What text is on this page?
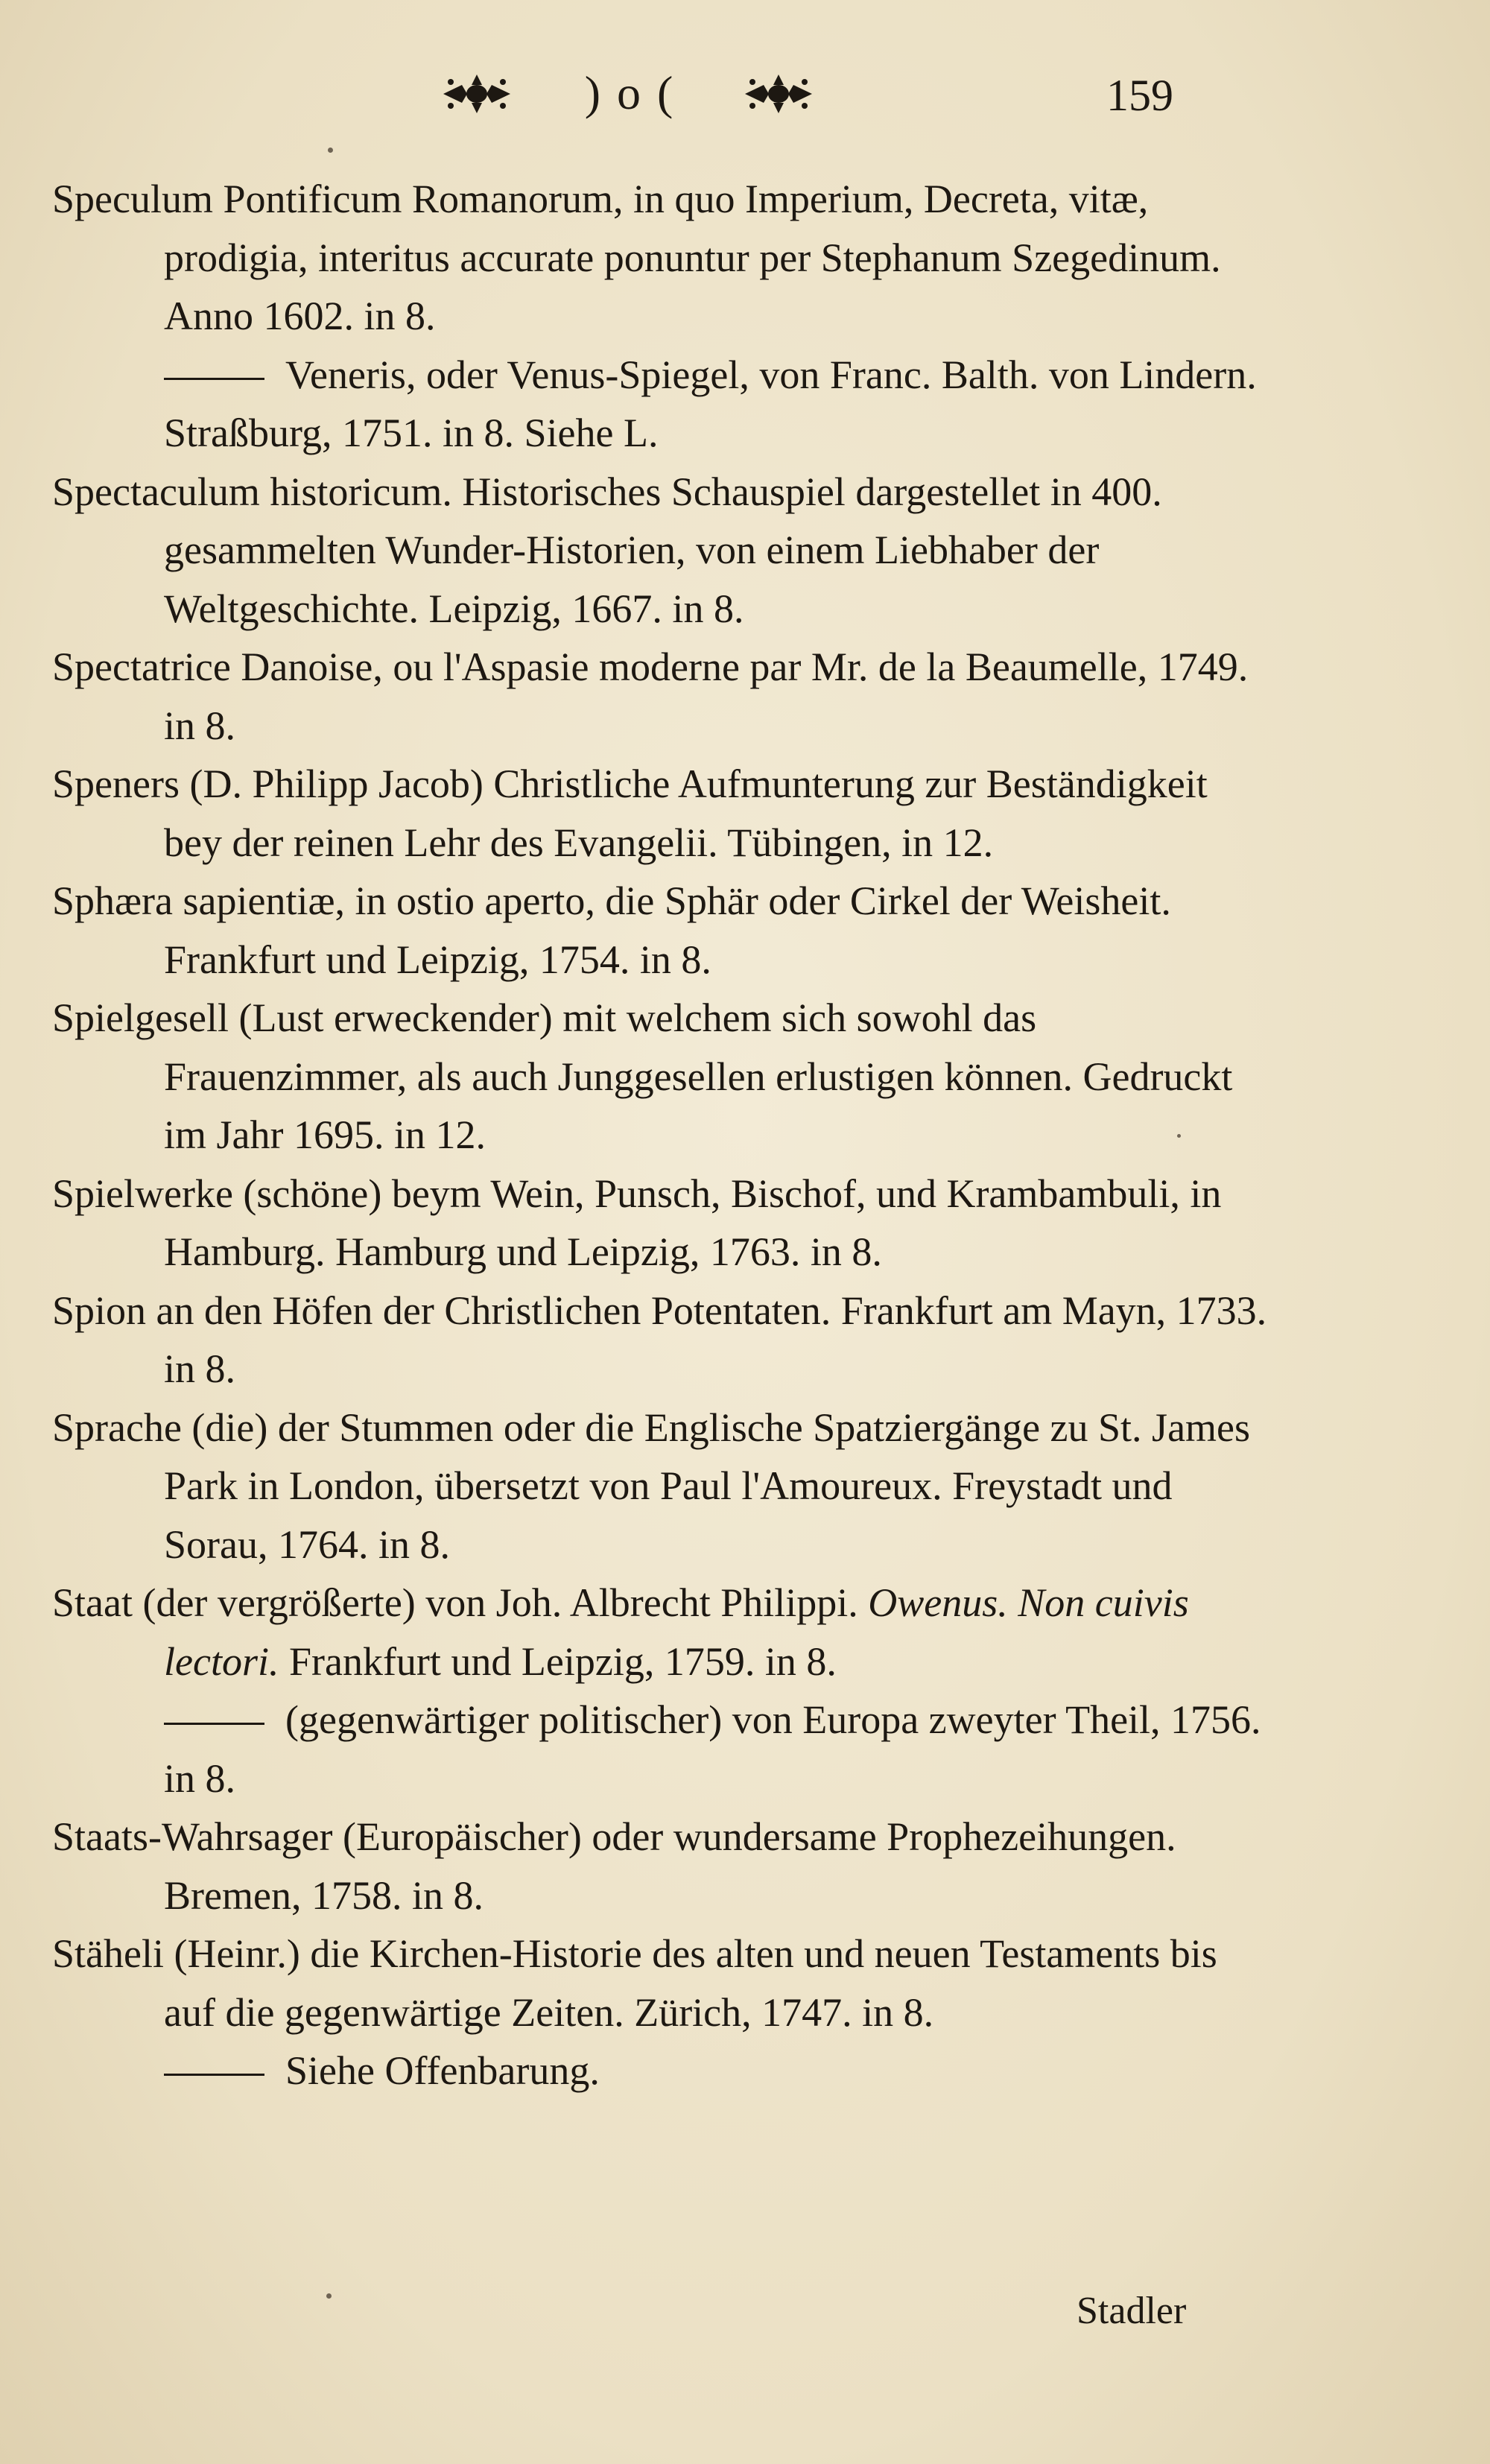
)o(	159

Speculum Pontificum Romanorum, in quo Imperium, Decreta, vitæ, prodigia, interitus accurate ponuntur per Stephanum Szegedinum. Anno 1602. in 8.

Veneris, oder Venus-Spiegel, von Franc. Balth. von Lindern. Straßburg, 1751. in 8. Siehe L.

Spectaculum historicum. Historisches Schauspiel dargestellet in 400. gesammelten Wunder-Historien, von einem Liebhaber der Weltgeschichte. Leipzig, 1667. in 8.

Spectatrice Danoise, ou l'Aspasie moderne par Mr. de la Beaumelle, 1749. in 8.

Speners (D. Philipp Jacob) Christliche Aufmunterung zur Beständigkeit bey der reinen Lehr des Evangelii. Tübingen, in 12.

Sphæra sapientiæ, in ostio aperto, die Sphär oder Cirkel der Weisheit. Frankfurt und Leipzig, 1754. in 8.

Spielgesell (Lust erweckender) mit welchem sich sowohl das Frauenzimmer, als auch Junggesellen erlustigen können. Gedruckt im Jahr 1695. in 12.

Spielwerke (schöne) beym Wein, Punsch, Bischof, und Krambambuli, in Hamburg. Hamburg und Leipzig, 1763. in 8.

Spion an den Höfen der Christlichen Potentaten. Frankfurt am Mayn, 1733. in 8.

Sprache (die) der Stummen oder die Englische Spatziergänge zu St. James Park in London, übersetzt von Paul l'Amoureux. Freystadt und Sorau, 1764. in 8.

Staat (der vergrößerte) von Joh. Albrecht Philippi. Owenus. Non cuivis lectori. Frankfurt und Leipzig, 1759. in 8.

(gegenwärtiger politischer) von Europa zweyter Theil, 1756. in 8.

Staats-Wahrsager (Europäischer) oder wundersame Prophezeihungen. Bremen, 1758. in 8.

Stäheli (Heinr.) die Kirchen-Historie des alten und neuen Testaments bis auf die gegenwärtige Zeiten. Zürich, 1747. in 8.

Siehe Offenbarung.

Stadler
